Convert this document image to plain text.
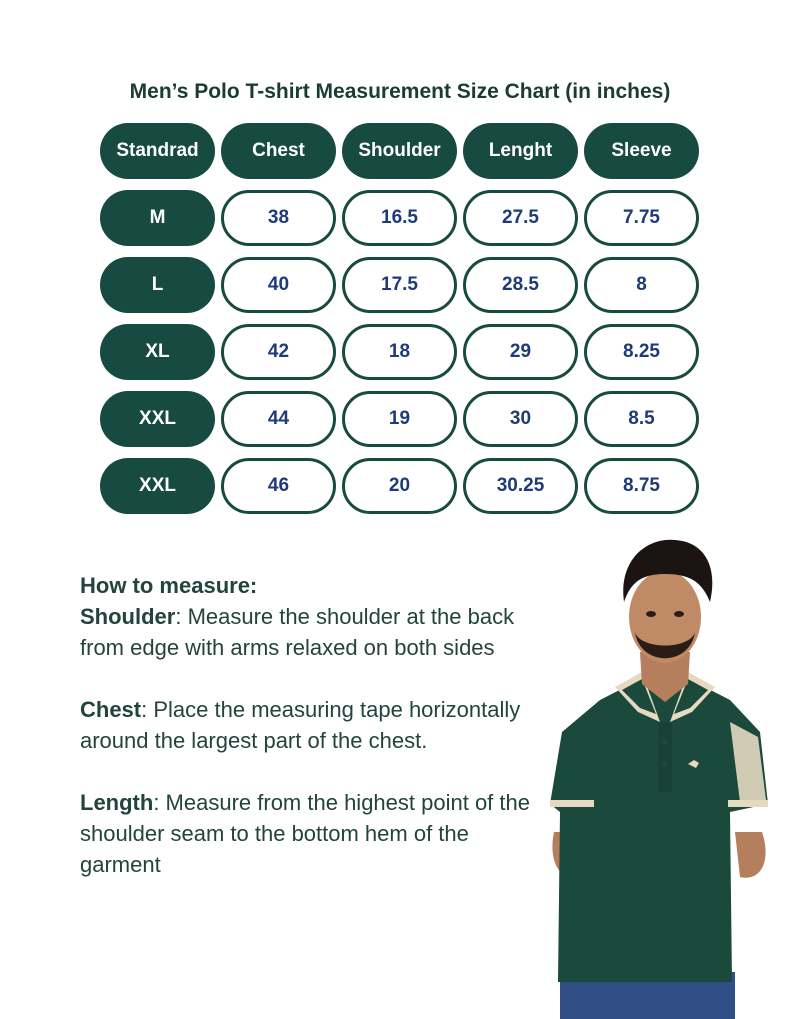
Men’s Polo T-shirt Measurement Size Chart (in inches)
Standrad	Chest	Shoulder	Lenght	Sleeve
M	38	16.5	27.5	7.75
L	40	17.5	28.5	8
XL	42	18	29	8.25
XXL	44	19	30	8.5
XXL	46	20	30.25	8.75
How to measure:

Shoulder: Measure the shoulder at the back from edge with arms relaxed on both sides

Chest: Place the measuring tape horizontally around the largest part of the chest.

Length: Measure from the highest point of the shoulder seam to the bottom hem of the garment
